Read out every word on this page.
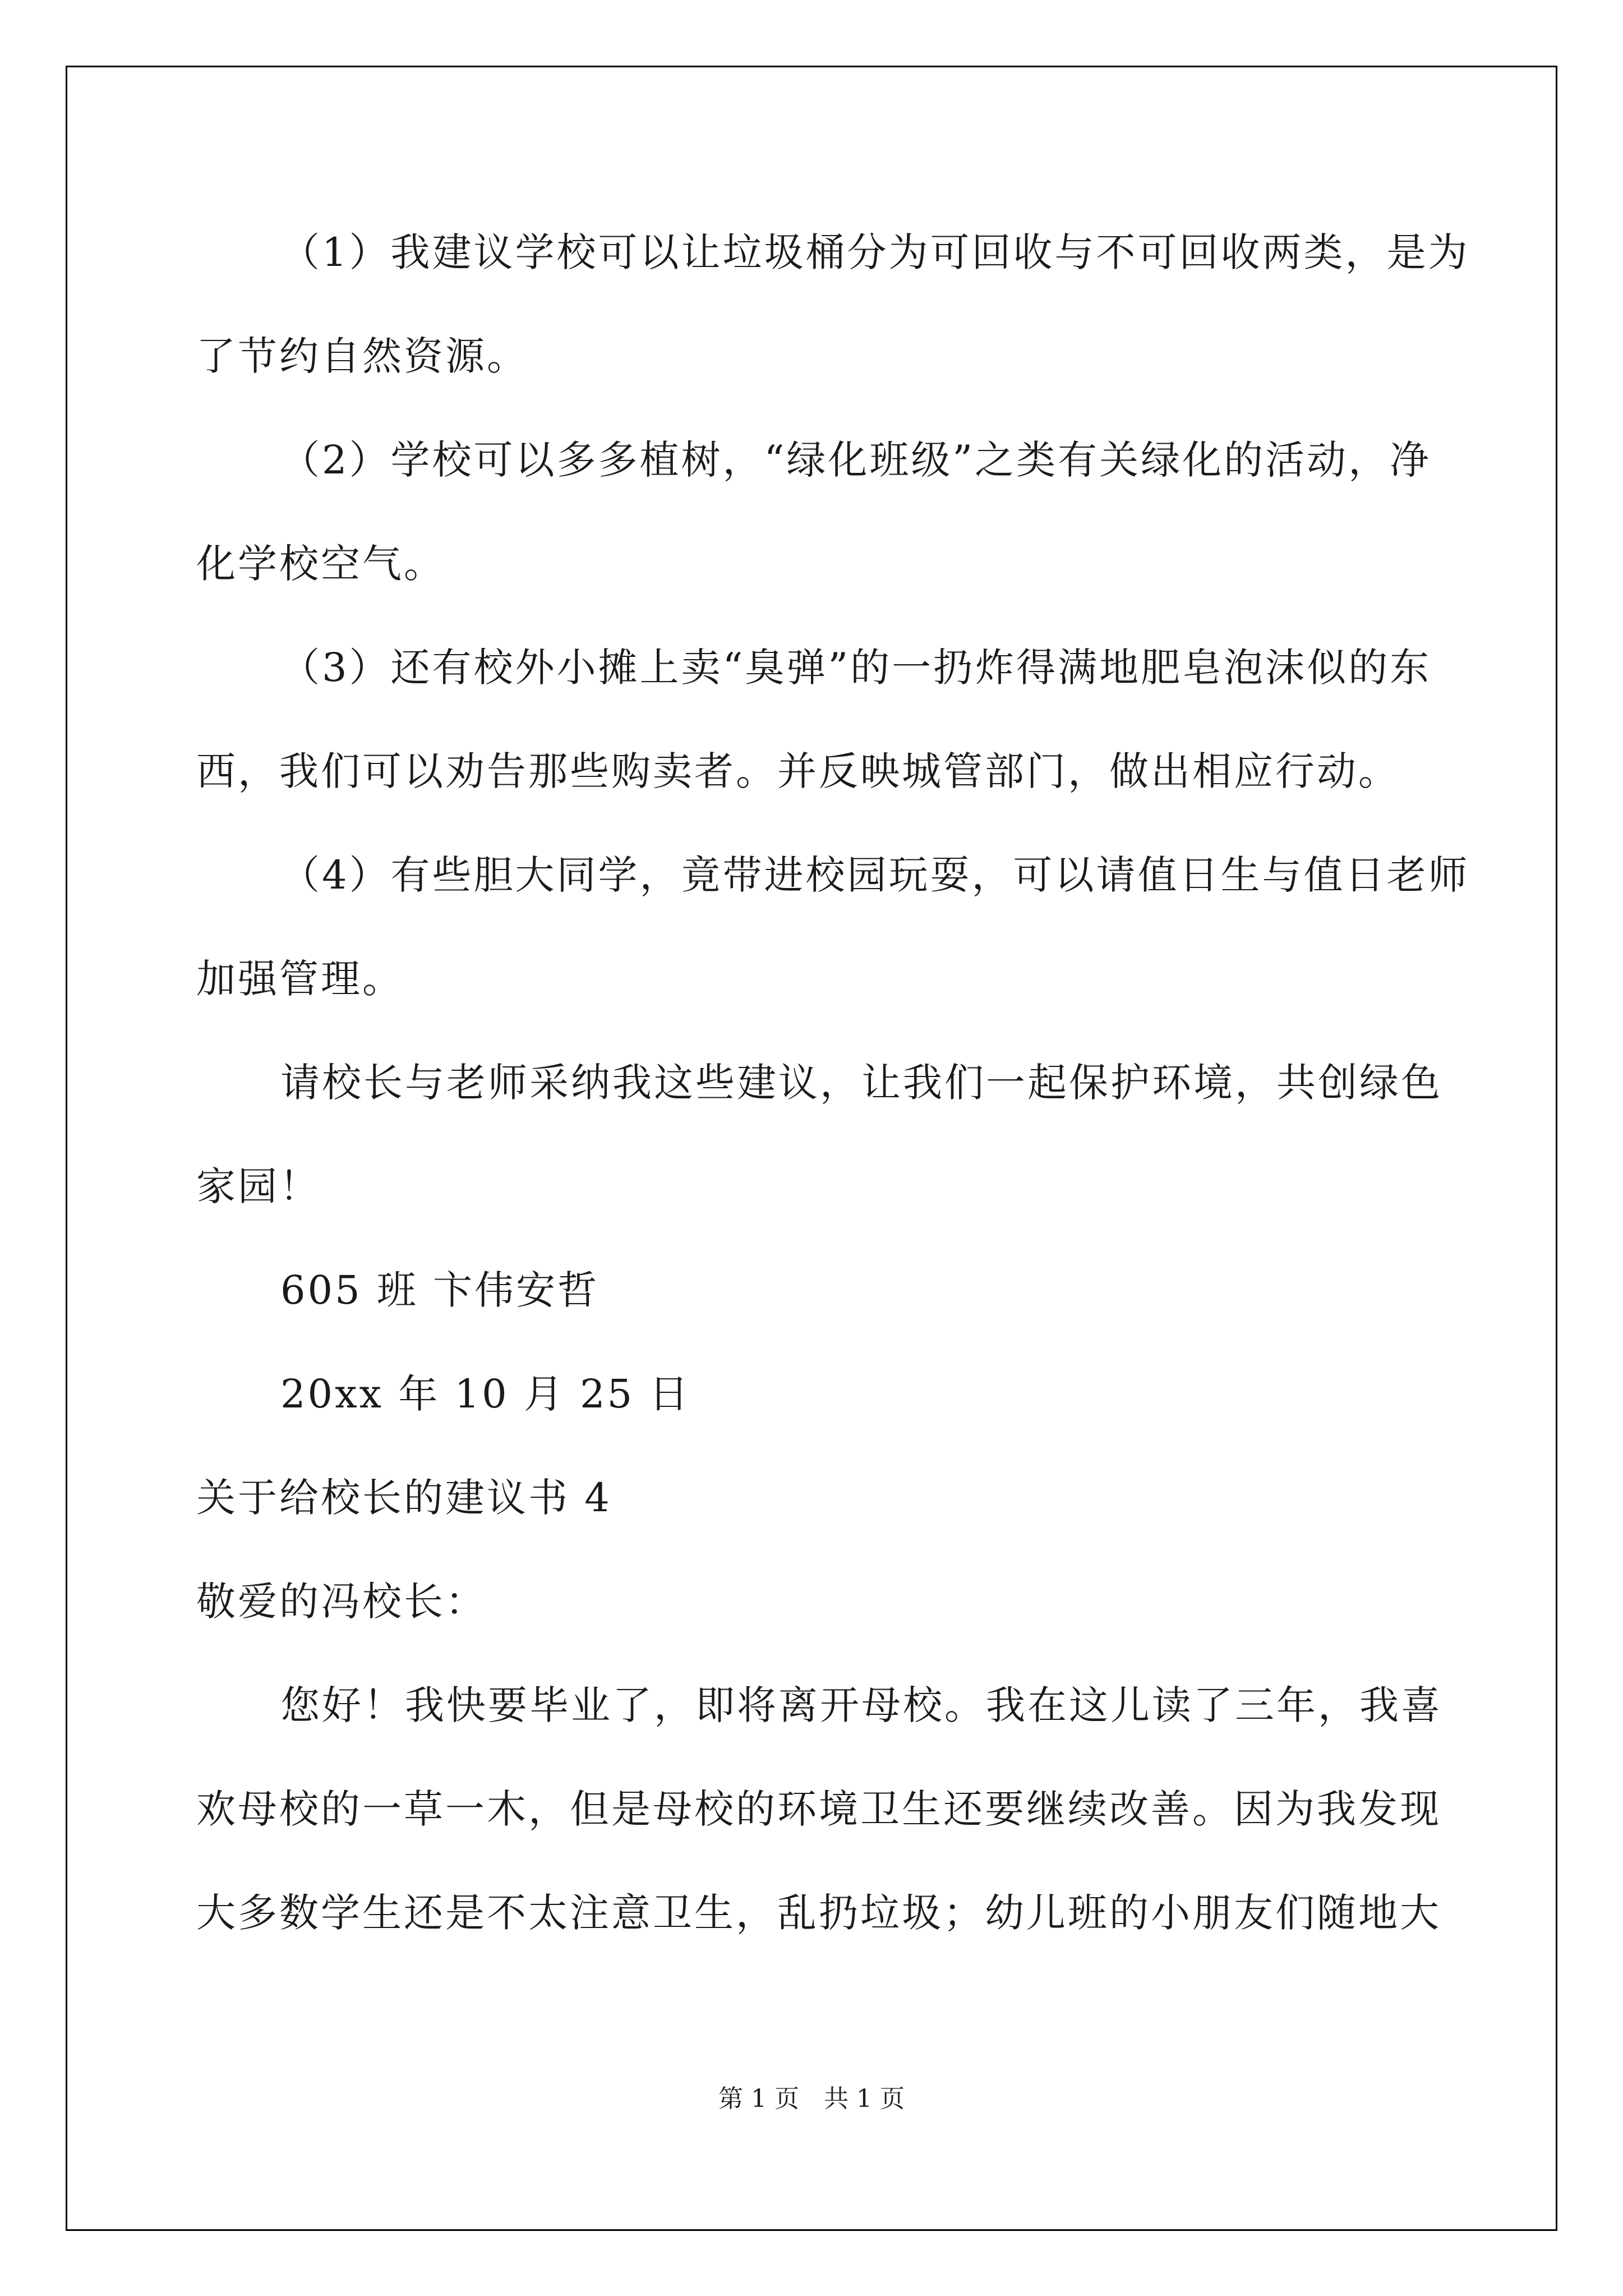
（1）我建议学校可以让垃圾桶分为可回收与不可回收两类，是为
了节约自然资源。
（2）学校可以多多植树，“绿化班级”之类有关绿化的活动，净
化学校空气。
（3）还有校外小摊上卖“臭弹”的一扔炸得满地肥皂泡沫似的东
西，我们可以劝告那些购卖者。并反映城管部门，做出相应行动。
（4）有些胆大同学，竟带进校园玩耍，可以请值日生与值日老师
加强管理。
请校长与老师采纳我这些建议，让我们一起保护环境，共创绿色
家园！
605 班 卞伟安哲
20xx 年 10 月 25 日
关于给校长的建议书 4
敬爱的冯校长：
您好！我快要毕业了，即将离开母校。我在这儿读了三年，我喜
欢母校的一草一木，但是母校的环境卫生还要继续改善。因为我发现
大多数学生还是不太注意卫生，乱扔垃圾；幼儿班的小朋友们随地大
第 1 页　共 1 页
